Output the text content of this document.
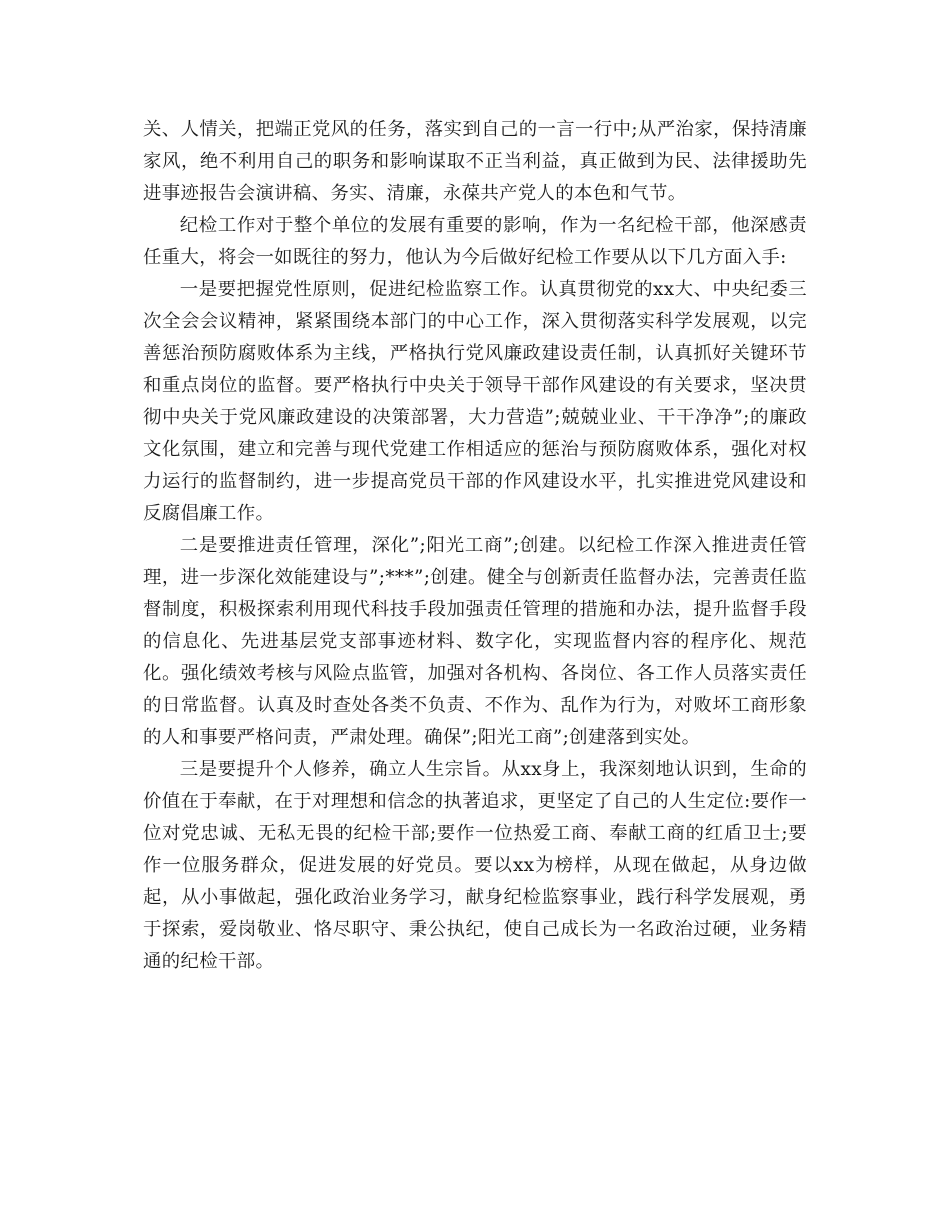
关、人情关，把端正党风的任务，落实到自己的一言一行中;从严治家，保持清廉家风，绝不利用自己的职务和影响谋取不正当利益，真正做到为民、法律援助先进事迹报告会演讲稿、务实、清廉，永葆共产党人的本色和气节。

纪检工作对于整个单位的发展有重要的影响，作为一名纪检干部，他深感责任重大，将会一如既往的努力，他认为今后做好纪检工作要从以下几方面入手:

一是要把握党性原则，促进纪检监察工作。认真贯彻党的xx大、中央纪委三次全会会议精神，紧紧围绕本部门的中心工作，深入贯彻落实科学发展观，以完善惩治预防腐败体系为主线，严格执行党风廉政建设责任制，认真抓好关键环节和重点岗位的监督。要严格执行中央关于领导干部作风建设的有关要求，坚决贯彻中央关于党风廉政建设的决策部署，大力营造”;兢兢业业、干干净净”;的廉政文化氛围，建立和完善与现代党建工作相适应的惩治与预防腐败体系，强化对权力运行的监督制约，进一步提高党员干部的作风建设水平，扎实推进党风建设和反腐倡廉工作。

二是要推进责任管理，深化”;阳光工商”;创建。以纪检工作深入推进责任管理，进一步深化效能建设与”;***”;创建。健全与创新责任监督办法，完善责任监督制度，积极探索利用现代科技手段加强责任管理的措施和办法，提升监督手段的信息化、先进基层党支部事迹材料、数字化，实现监督内容的程序化、规范化。强化绩效考核与风险点监管，加强对各机构、各岗位、各工作人员落实责任的日常监督。认真及时查处各类不负责、不作为、乱作为行为，对败坏工商形象的人和事要严格问责，严肃处理。确保”;阳光工商”;创建落到实处。

三是要提升个人修养，确立人生宗旨。从xx身上，我深刻地认识到，生命的价值在于奉献，在于对理想和信念的执著追求，更坚定了自己的人生定位:要作一位对党忠诚、无私无畏的纪检干部;要作一位热爱工商、奉献工商的红盾卫士;要作一位服务群众，促进发展的好党员。要以xx为榜样，从现在做起，从身边做起，从小事做起，强化政治业务学习，献身纪检监察事业，践行科学发展观，勇于探索，爱岗敬业、恪尽职守、秉公执纪，使自己成长为一名政治过硬，业务精通的纪检干部。
